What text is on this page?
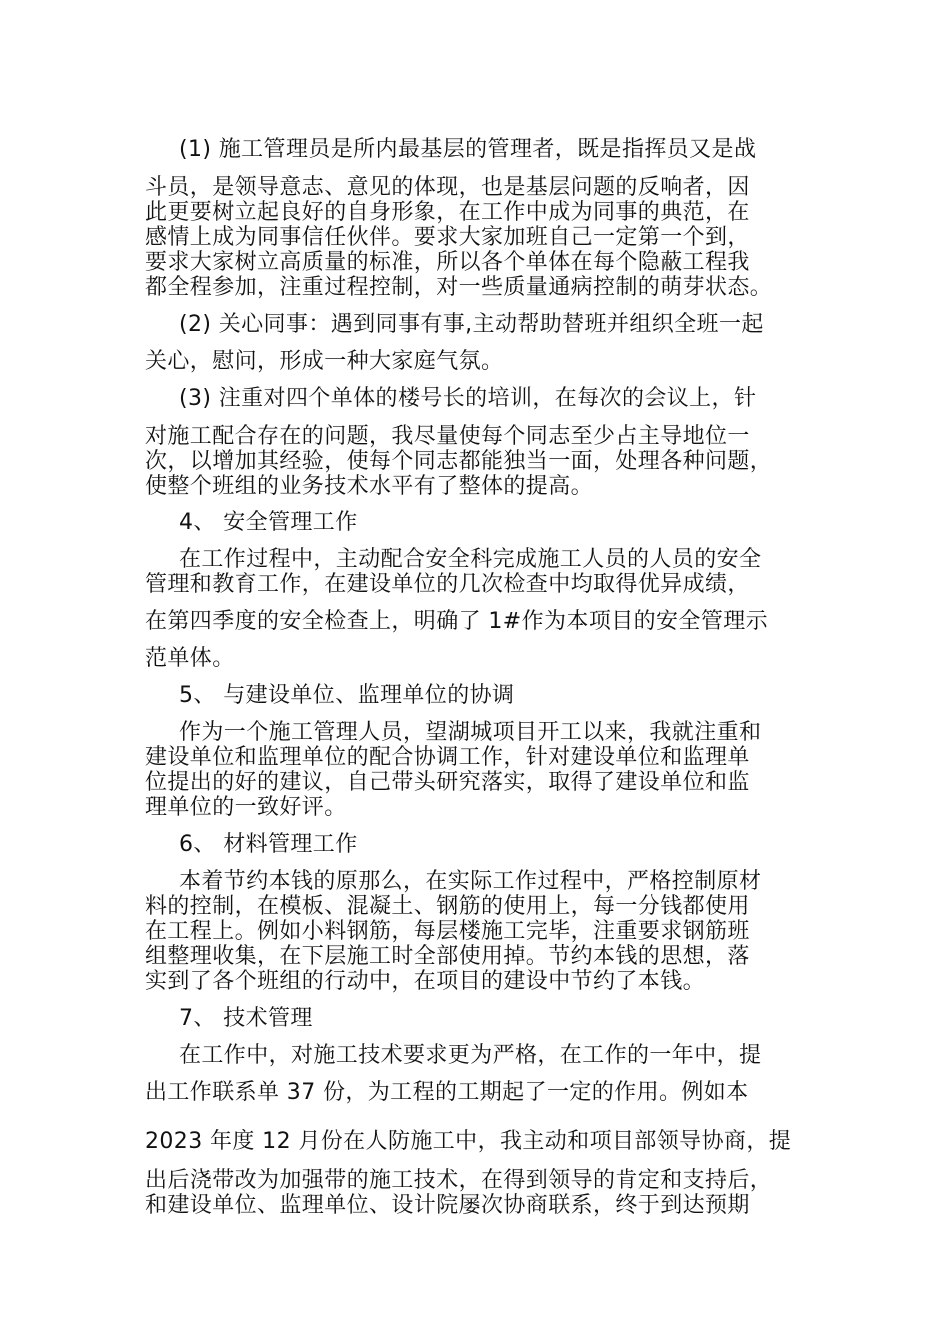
(1) 施工管理员是所内最基层的管理者，既是指挥员又是战
斗员，是领导意志、意见的体现，也是基层问题的反响者，因
此更要树立起良好的自身形象，在工作中成为同事的典范，在
感情上成为同事信任伙伴。要求大家加班自己一定第一个到，
要求大家树立高质量的标准，所以各个单体在每个隐蔽工程我
都全程参加，注重过程控制，对一些质量通病控制的萌芽状态。
(2) 关心同事：遇到同事有事,主动帮助替班并组织全班一起
关心，慰问，形成一种大家庭气氛。
(3) 注重对四个单体的楼号长的培训，在每次的会议上，针
对施工配合存在的问题，我尽量使每个同志至少占主导地位一
次，以增加其经验，使每个同志都能独当一面，处理各种问题，
使整个班组的业务技术水平有了整体的提高。
4、 安全管理工作
在工作过程中，主动配合安全科完成施工人员的人员的安全
管理和教育工作，在建设单位的几次检查中均取得优异成绩，
在第四季度的安全检查上，明确了 1#作为本项目的安全管理示
范单体。
5、 与建设单位、监理单位的协调
作为一个施工管理人员，望湖城项目开工以来，我就注重和
建设单位和监理单位的配合协调工作，针对建设单位和监理单
位提出的好的建议，自己带头研究落实，取得了建设单位和监
理单位的一致好评。
6、 材料管理工作
本着节约本钱的原那么，在实际工作过程中，严格控制原材
料的控制，在模板、混凝土、钢筋的使用上，每一分钱都使用
在工程上。例如小料钢筋，每层楼施工完毕，注重要求钢筋班
组整理收集，在下层施工时全部使用掉。节约本钱的思想，落
实到了各个班组的行动中，在项目的建设中节约了本钱。
7、 技术管理
在工作中，对施工技术要求更为严格，在工作的一年中，提
出工作联系单 37 份，为工程的工期起了一定的作用。例如本
2023 年度 12 月份在人防施工中，我主动和项目部领导协商，提
出后浇带改为加强带的施工技术，在得到领导的肯定和支持后，
和建设单位、监理单位、设计院屡次协商联系，终于到达预期
